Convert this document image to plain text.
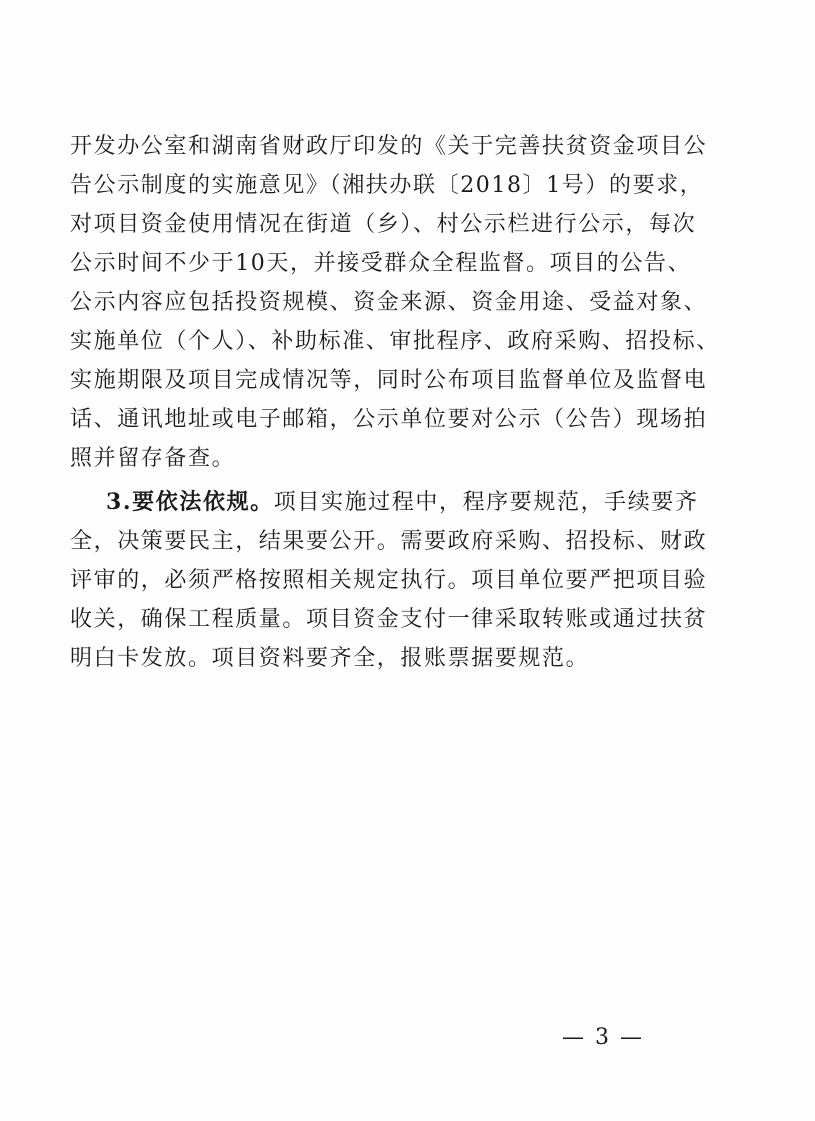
开发办公室和湖南省财政厅印发的《关于完善扶贫资金项目公
告公示制度的实施意见》（湘扶办联〔2018〕1号）的要求，
对项目资金使用情况在街道（乡）、村公示栏进行公示，每次
公示时间不少于10天，并接受群众全程监督。项目的公告、
公示内容应包括投资规模、资金来源、资金用途、受益对象、
实施单位（个人）、补助标准、审批程序、政府采购、招投标、
实施期限及项目完成情况等，同时公布项目监督单位及监督电
话、通讯地址或电子邮箱，公示单位要对公示（公告）现场拍
照并留存备查。
3.要依法依规。项目实施过程中，程序要规范，手续要齐
全，决策要民主，结果要公开。需要政府采购、招投标、财政
评审的，必须严格按照相关规定执行。项目单位要严把项目验
收关，确保工程质量。项目资金支付一律采取转账或通过扶贫
明白卡发放。项目资料要齐全，报账票据要规范。
— 3 —
